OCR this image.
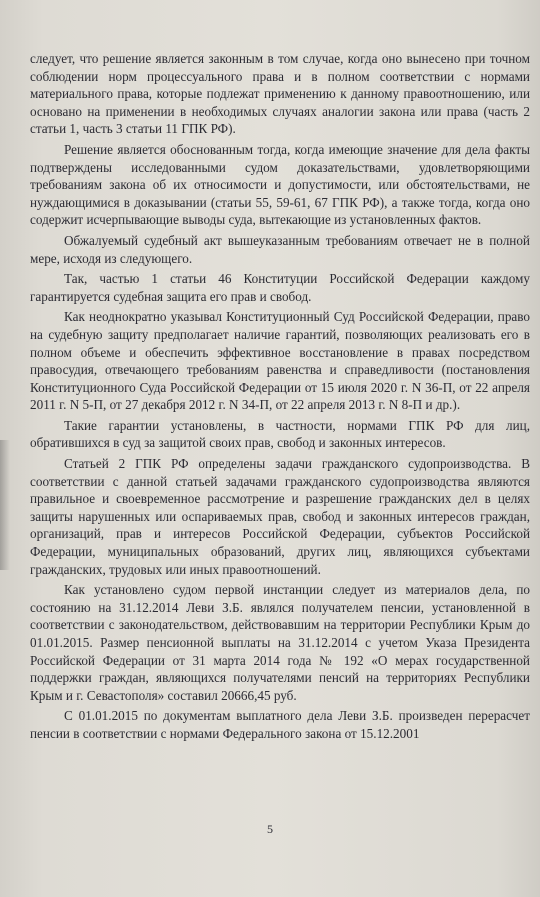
следует, что решение является законным в том случае, когда оно вынесено при точном соблюдении норм процессуального права и в полном соответствии с нормами материального права, которые подлежат применению к данному правоотношению, или основано на применении в необходимых случаях аналогии закона или права (часть 2 статьи 1, часть 3 статьи 11 ГПК РФ).

Решение является обоснованным тогда, когда имеющие значение для дела факты подтверждены исследованными судом доказательствами, удовлетворяющими требованиям закона об их относимости и допустимости, или обстоятельствами, не нуждающимися в доказывании (статьи 55, 59-61, 67 ГПК РФ), а также тогда, когда оно содержит исчерпывающие выводы суда, вытекающие из установленных фактов.

Обжалуемый судебный акт вышеуказанным требованиям отвечает не в полной мере, исходя из следующего.

Так, частью 1 статьи 46 Конституции Российской Федерации каждому гарантируется судебная защита его прав и свобод.

Как неоднократно указывал Конституционный Суд Российской Федерации, право на судебную защиту предполагает наличие гарантий, позволяющих реализовать его в полном объеме и обеспечить эффективное восстановление в правах посредством правосудия, отвечающего требованиям равенства и справедливости (постановления Конституционного Суда Российской Федерации от 15 июля 2020 г. N 36-П, от 22 апреля 2011 г. N 5-П, от 27 декабря 2012 г. N 34-П, от 22 апреля 2013 г. N 8-П и др.).

Такие гарантии установлены, в частности, нормами ГПК РФ для лиц, обратившихся в суд за защитой своих прав, свобод и законных интересов.

Статьей 2 ГПК РФ определены задачи гражданского судопроизводства. В соответствии с данной статьей задачами гражданского судопроизводства являются правильное и своевременное рассмотрение и разрешение гражданских дел в целях защиты нарушенных или оспариваемых прав, свобод и законных интересов граждан, организаций, прав и интересов Российской Федерации, субъектов Российской Федерации, муниципальных образований, других лиц, являющихся субъектами гражданских, трудовых или иных правоотношений.

Как установлено судом первой инстанции следует из материалов дела, по состоянию на 31.12.2014 Леви З.Б. являлся получателем пенсии, установленной в соответствии с законодательством, действовавшим на территории Республики Крым до 01.01.2015. Размер пенсионной выплаты на 31.12.2014 с учетом Указа Президента Российской Федерации от 31 марта 2014 года № 192 «О мерах государственной поддержки граждан, являющихся получателями пенсий на территориях Республики Крым и г. Севастополя» составил 20666,45 руб.

С 01.01.2015 по документам выплатного дела Леви З.Б. произведен перерасчет пенсии в соответствии с нормами Федерального закона от 15.12.2001

5
